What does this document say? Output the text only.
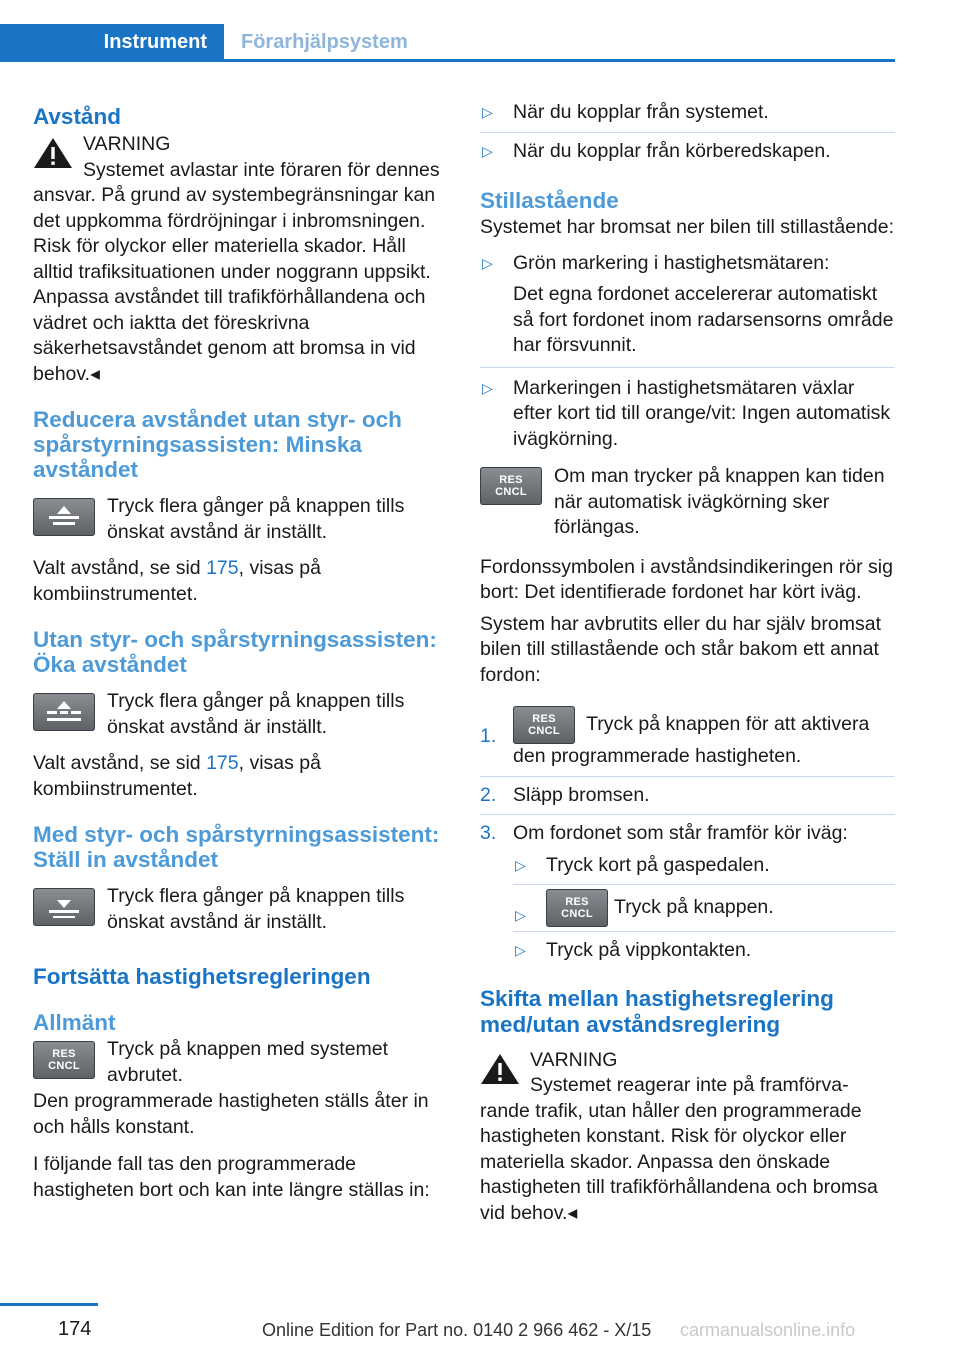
Instrument	Förarhjälpsystem
Avstånd

VARNING

Systemet avlastar inte föraren för dennes

ansvar. På grund av systembegränsningar kan det uppkomma fördröjningar i inbromsningen. Risk för olyckor eller materiella skador. Håll alltid trafiksituationen under noggrann uppsikt. Anpassa avståndet till trafikförhållandena och vädret och iaktta det föreskrivna säkerhetsavståndet genom att bromsa in vid behov.◂

Reducera avståndet utan styr- och spårstyrningsassisten: Minska avståndet

Tryck flera gånger på knappen tills önskat avstånd är inställt.

Valt avstånd, se sid 175, visas på kombiinstrumentet.

Utan styr- och spårstyrningsassisten: Öka avståndet

Tryck flera gånger på knappen tills önskat avstånd är inställt.

Valt avstånd, se sid 175, visas på kombiinstrumentet.

Med styr- och spårstyrningsassistent: Ställ in avståndet

Tryck flera gånger på knappen tills önskat avstånd är inställt.

Fortsätta hastighetsregleringen
Allmänt
RES
CNCL

Tryck på knappen med systemet avbrutet.

Den programmerade hastigheten ställs åter in och hålls konstant.

I följande fall tas den programmerade hastigheten bort och kan inte längre ställas in:

▷ När du kopplar från systemet.
▷ När du kopplar från körberedskapen.
Stillastående

Systemet har bromsat ner bilen till stillastående:

▷ Grön markering i hastighetsmätaren:

Det egna fordonet accelererar automatiskt så fort fordonet inom radarsensorns område har försvunnit.

▷ Markeringen i hastighetsmätaren växlar efter kort tid till orange/vit: Ingen automatisk ivägkörning.
RES
CNCL

Om man trycker på knappen kan tiden när automatisk ivägkörning sker förlängas.

Fordonssymbolen i avståndsindikeringen rör sig bort: Det identifierade fordonet har kört iväg.

System har avbrutits eller du har själv bromsat bilen till stillastående och står bakom ett annat fordon:

1.
RES
CNCL	Tryck på knappen för att aktivera den programmerade hastigheten.
2. Släpp bromsen.
3. Om fordonet som står framför kör iväg:
▷ Tryck kort på gaspedalen.
▷
RES
CNCL	Tryck på knappen.
▷ Tryck på vippkontakten.
Skifta mellan hastighetsreglering med/utan avståndsreglering

VARNING

Systemet reagerar inte på framförva-

rande trafik, utan håller den programmerade hastigheten konstant. Risk för olyckor eller materiella skador. Anpassa den önskade hastigheten till trafikförhållandena och bromsa vid behov.◂

174	Online Edition for Part no. 0140 2 966 462 - X/15 carmanualsonline.info
